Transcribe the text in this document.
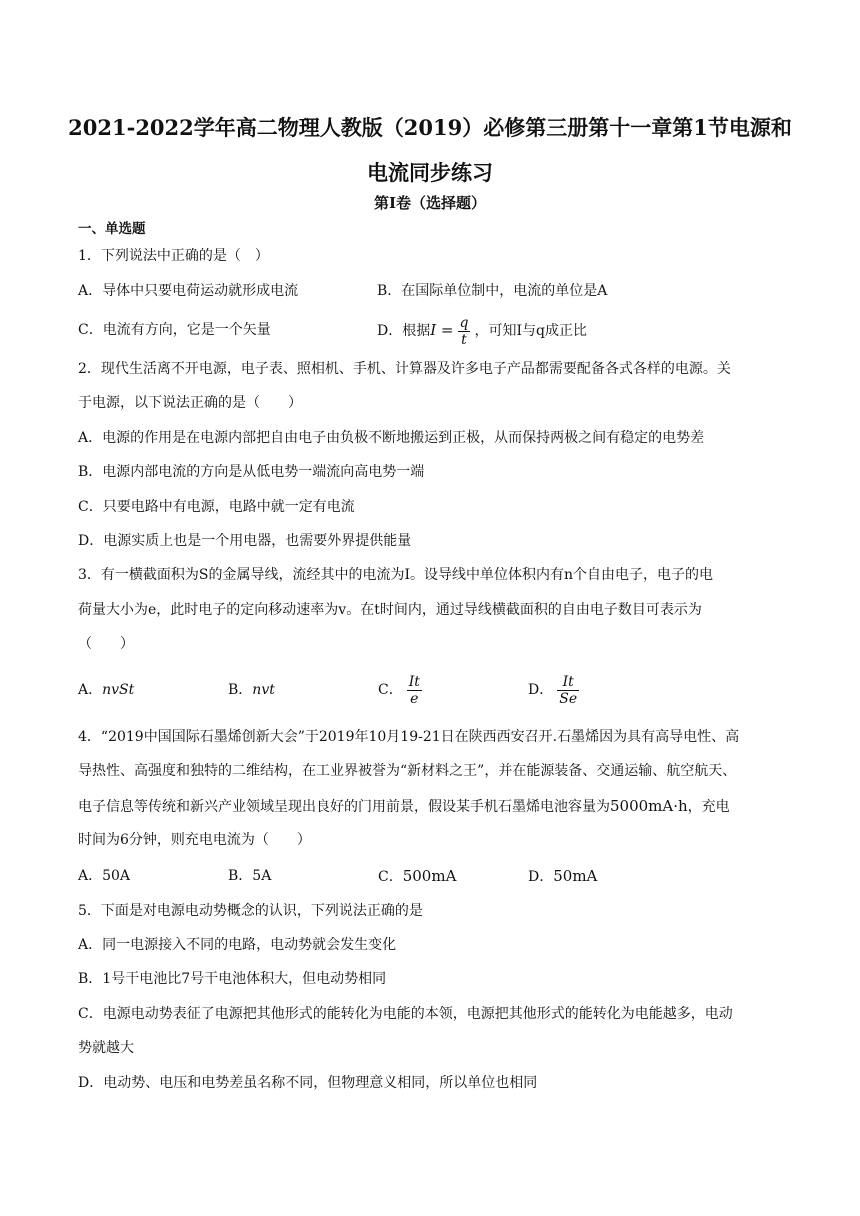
2021-2022学年高二物理人教版（2019）必修第三册第十一章第1节电源和
电流同步练习
第I卷（选择题）
一、单选题
1．下列说法中正确的是（　）
A．导体中只要电荷运动就形成电流	B．在国际单位制中，电流的单位是A
C．电流有方向，它是一个矢量	D．根据$I = \frac{q}{t}$ ，可知I与q成正比
2．现代生活离不开电源，电子表、照相机、手机、计算器及许多电子产品都需要配备各式各样的电源。关
于电源，以下说法正确的是（　　）
A．电源的作用是在电源内部把自由电子由负极不断地搬运到正极，从而保持两极之间有稳定的电势差
B．电源内部电流的方向是从低电势一端流向高电势一端
C．只要电路中有电源，电路中就一定有电流
D．电源实质上也是一个用电器，也需要外界提供能量
3．有一横截面积为S的金属导线，流经其中的电流为I。设导线中单位体积内有n个自由电子，电子的电
荷量大小为e，此时电子的定向移动速率为v。在t时间内，通过导线横截面积的自由电子数目可表示为
（　　）
A．nvSt	B．nvt	C． $\frac{It}{e}$	D． $\frac{It}{Se}$
4．“2019中国国际石墨烯创新大会”于2019年10月19-21日在陕西西安召开.石墨烯因为具有高导电性、高
导热性、高强度和独特的二维结构，在工业界被誉为“新材料之王”，并在能源装备、交通运输、航空航天、
电子信息等传统和新兴产业领域呈现出良好的门用前景，假设某手机石墨烯电池容量为5000mA·h，充电
时间为6分钟，则充电电流为（　　）
A．50A	B．5A	C．500mA	D．50mA
5．下面是对电源电动势概念的认识，下列说法正确的是
A．同一电源接入不同的电路，电动势就会发生变化
B．1号干电池比7号干电池体积大，但电动势相同
C．电源电动势表征了电源把其他形式的能转化为电能的本领，电源把其他形式的能转化为电能越多，电动
势就越大
D．电动势、电压和电势差虽名称不同，但物理意义相同，所以单位也相同
